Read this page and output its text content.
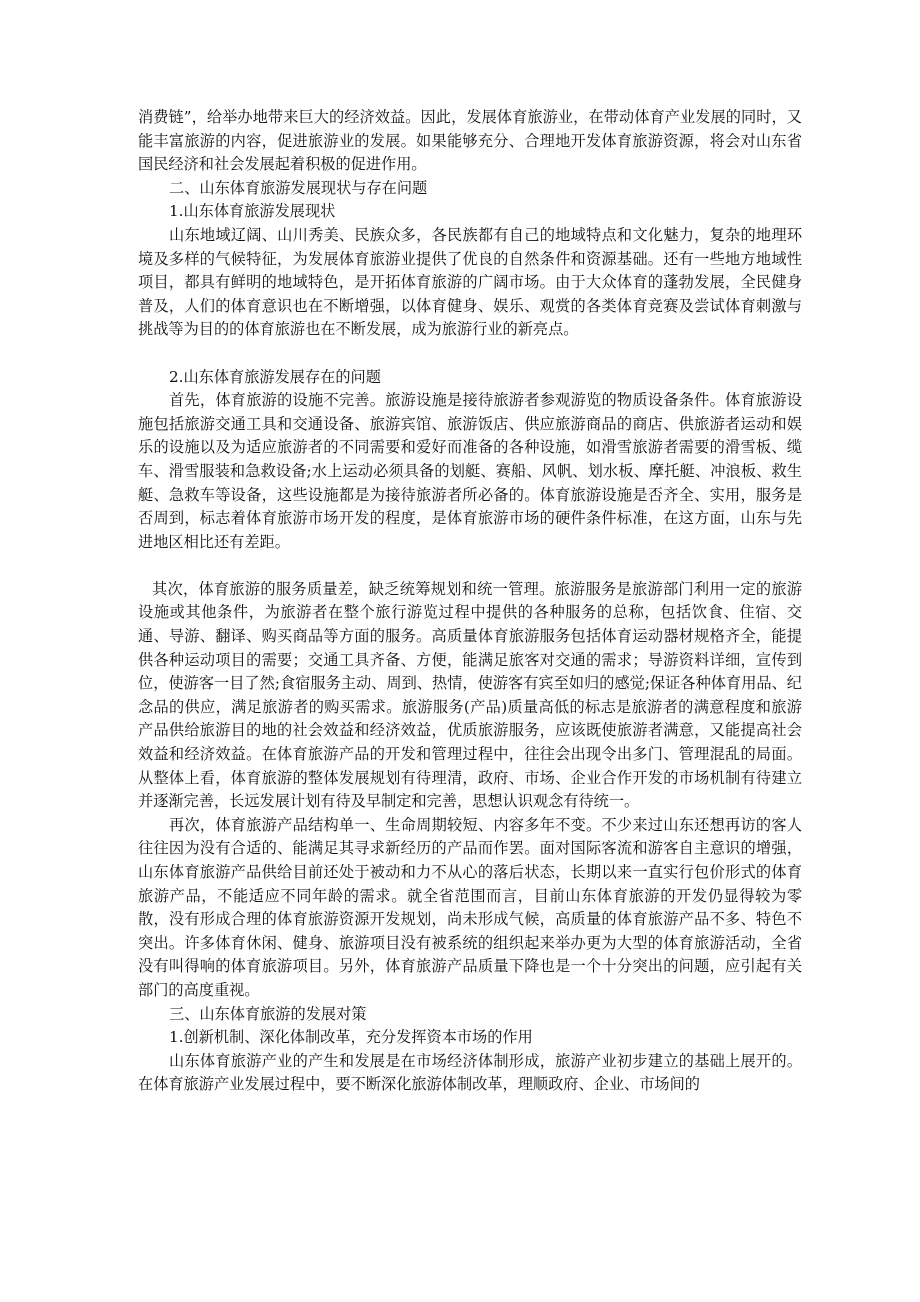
消费链”，给举办地带来巨大的经济效益。因此，发展体育旅游业，在带动体育产业发展的同时，又能丰富旅游的内容，促进旅游业的发展。如果能够充分、合理地开发体育旅游资源，将会对山东省国民经济和社会发展起着积极的促进作用。

二、山东体育旅游发展现状与存在问题

1.山东体育旅游发展现状

山东地域辽阔、山川秀美、民族众多，各民族都有自己的地域特点和文化魅力，复杂的地理环境及多样的气候特征，为发展体育旅游业提供了优良的自然条件和资源基础。还有一些地方地域性项目，都具有鲜明的地域特色，是开拓体育旅游的广阔市场。由于大众体育的蓬勃发展，全民健身普及，人们的体育意识也在不断增强，以体育健身、娱乐、观赏的各类体育竞赛及尝试体育刺激与挑战等为目的的体育旅游也在不断发展，成为旅游行业的新亮点。

2.山东体育旅游发展存在的问题

首先，体育旅游的设施不完善。旅游设施是接待旅游者参观游览的物质设备条件。体育旅游设施包括旅游交通工具和交通设备、旅游宾馆、旅游饭店、供应旅游商品的商店、供旅游者运动和娱乐的设施以及为适应旅游者的不同需要和爱好而准备的各种设施，如滑雪旅游者需要的滑雪板、缆车、滑雪服装和急救设备;水上运动必须具备的划艇、赛船、风帆、划水板、摩托艇、冲浪板、救生艇、急救车等设备，这些设施都是为接待旅游者所必备的。体育旅游设施是否齐全、实用，服务是否周到，标志着体育旅游市场开发的程度，是体育旅游市场的硬件条件标准，在这方面，山东与先进地区相比还有差距。

其次，体育旅游的服务质量差，缺乏统筹规划和统一管理。旅游服务是旅游部门利用一定的旅游设施或其他条件，为旅游者在整个旅行游览过程中提供的各种服务的总称，包括饮食、住宿、交通、导游、翻译、购买商品等方面的服务。高质量体育旅游服务包括体育运动器材规格齐全，能提供各种运动项目的需要；交通工具齐备、方便，能满足旅客对交通的需求；导游资料详细，宣传到位，使游客一目了然;食宿服务主动、周到、热情，使游客有宾至如归的感觉;保证各种体育用品、纪念品的供应，满足旅游者的购买需求。旅游服务(产品)质量高低的标志是旅游者的满意程度和旅游产品供给旅游目的地的社会效益和经济效益，优质旅游服务，应该既使旅游者满意，又能提高社会效益和经济效益。在体育旅游产品的开发和管理过程中，往往会出现令出多门、管理混乱的局面。从整体上看，体育旅游的整体发展规划有待理清，政府、市场、企业合作开发的市场机制有待建立并逐渐完善，长远发展计划有待及早制定和完善，思想认识观念有待统一。

再次，体育旅游产品结构单一、生命周期较短、内容多年不变。不少来过山东还想再访的客人往往因为没有合适的、能满足其寻求新经历的产品而作罢。面对国际客流和游客自主意识的增强，山东体育旅游产品供给目前还处于被动和力不从心的落后状态，长期以来一直实行包价形式的体育旅游产品，不能适应不同年龄的需求。就全省范围而言，目前山东体育旅游的开发仍显得较为零散，没有形成合理的体育旅游资源开发规划，尚未形成气候，高质量的体育旅游产品不多、特色不突出。许多体育休闲、健身、旅游项目没有被系统的组织起来举办更为大型的体育旅游活动，全省没有叫得响的体育旅游项目。另外，体育旅游产品质量下降也是一个十分突出的问题，应引起有关部门的高度重视。

三、山东体育旅游的发展对策

1.创新机制、深化体制改革，充分发挥资本市场的作用

山东体育旅游产业的产生和发展是在市场经济体制形成，旅游产业初步建立的基础上展开的。在体育旅游产业发展过程中，要不断深化旅游体制改革，理顺政府、企业、市场间的
